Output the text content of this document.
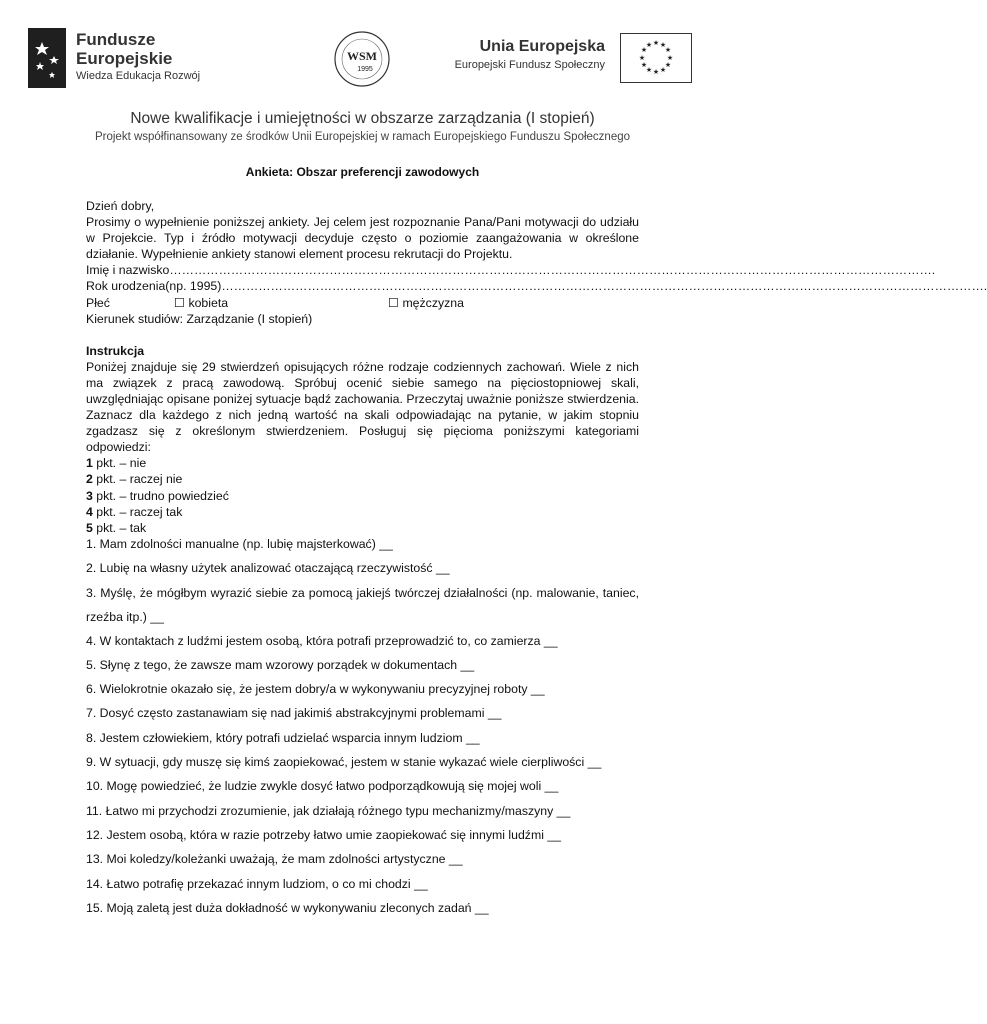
Fundusze
Europejskie
Wiedza Edukacja Rozwój
WSM
1995
Unia Europejska
Europejski Fundusz Społeczny
★ ★
★
★
★
★
★
★
★
★
★
★
Nowe kwalifikacje i umiejętności w obszarze zarządzania (I stopień)
Projekt współfinansowany ze środków Unii Europejskiej w ramach Europejskiego Funduszu Społecznego
Ankieta: Obszar preferencji zawodowych

Dzień dobry,

Prosimy o wypełnienie poniższej ankiety. Jej celem jest rozpoznanie Pana/Pani motywacji do udziału w Projekcie. Typ i źródło motywacji decyduje często o poziomie zaangażowania w określone działanie. Wypełnienie ankiety stanowi element procesu rekrutacji do Projektu.

Imię i nazwisko …………………………………………………………………………………………………………………………………………………………………… .
Rok urodzenia(np. 1995) …………………………………………………………………………………………………………………………………………………………………… .
Płeć	☐ kobieta	☐ mężczyzna

Kierunek studiów: Zarządzanie (I stopień)

Instrukcja

Poniżej znajduje się 29 stwierdzeń opisujących różne rodzaje codziennych zachowań. Wiele z nich ma związek z pracą zawodową. Spróbuj ocenić siebie samego na pięciostopniowej skali, uwzględniając opisane poniżej sytuacje bądź zachowania. Przeczytaj uważnie poniższe stwierdzenia. Zaznacz dla każdego z nich jedną wartość na skali odpowiadając na pytanie, w jakim stopniu zgadzasz się z określonym stwierdzeniem. Posługuj się pięcioma poniższymi kategoriami odpowiedzi:

1 pkt. – nie

2 pkt. – raczej nie

3 pkt. – trudno powiedzieć

4 pkt. – raczej tak

5 pkt. – tak

1. Mam zdolności manualne (np. lubię majsterkować) __
2. Lubię na własny użytek analizować otaczającą rzeczywistość __
3. Myślę, że mógłbym wyrazić siebie za pomocą jakiejś twórczej działalności (np. malowanie, taniec, rzeźba itp.) __
4. W kontaktach z ludźmi jestem osobą, która potrafi przeprowadzić to, co zamierza __
5. Słynę z tego, że zawsze mam wzorowy porządek w dokumentach __
6. Wielokrotnie okazało się, że jestem dobry/a w wykonywaniu precyzyjnej roboty __
7. Dosyć często zastanawiam się nad jakimiś abstrakcyjnymi problemami __
8. Jestem człowiekiem, który potrafi udzielać wsparcia innym ludziom __
9. W sytuacji, gdy muszę się kimś zaopiekować, jestem w stanie wykazać wiele cierpliwości __
10. Mogę powiedzieć, że ludzie zwykle dosyć łatwo podporządkowują się mojej woli __
11. Łatwo mi przychodzi zrozumienie, jak działają różnego typu mechanizmy/maszyny __
12. Jestem osobą, która w razie potrzeby łatwo umie zaopiekować się innymi ludźmi __
13. Moi koledzy/koleżanki uważają, że mam zdolności artystyczne __
14. Łatwo potrafię przekazać innym ludziom, o co mi chodzi __
15. Moją zaletą jest duża dokładność w wykonywaniu zleconych zadań __
